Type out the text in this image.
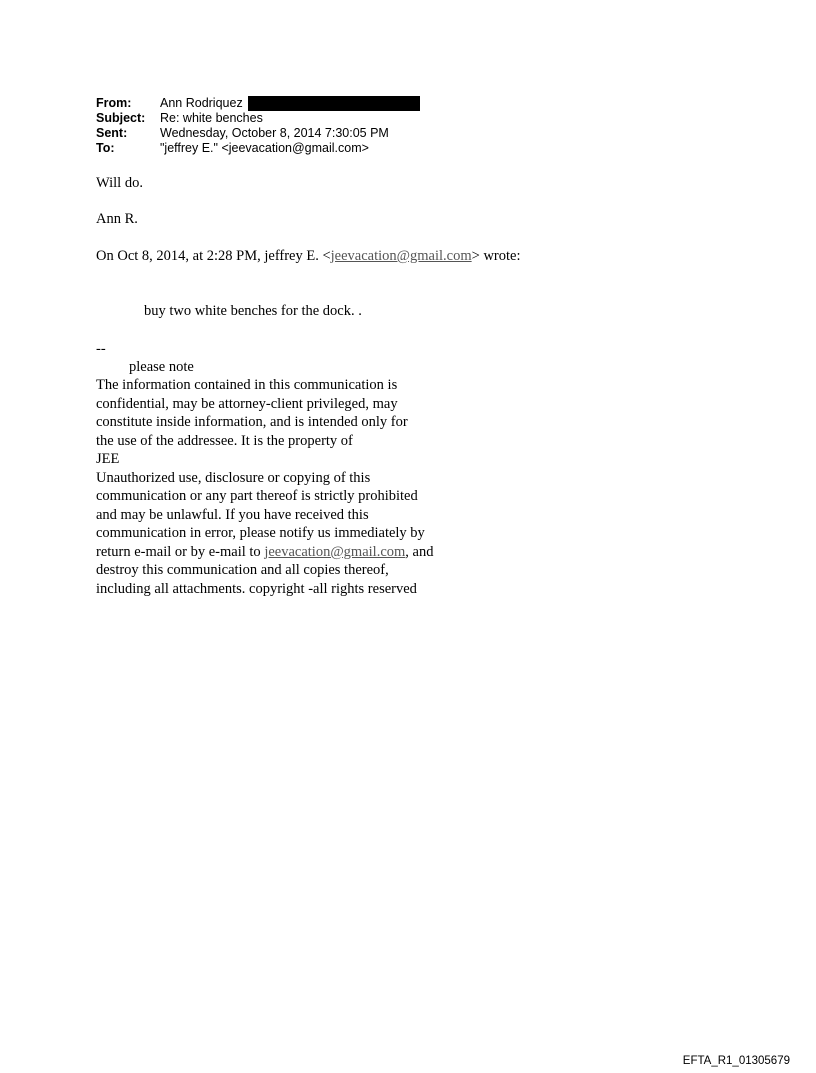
From:	Ann Rodriquez
Subject:	Re: white benches
Sent:	Wednesday, October 8, 2014 7:30:05 PM
To:	"jeffrey E." <jeevacation@gmail.com>
Will do.
Ann R.
On Oct 8, 2014, at 2:28 PM, jeffrey E. <jeevacation@gmail.com> wrote:
buy two white benches for the dock. .
--
please note
The information contained in this communication is
confidential, may be attorney-client privileged, may
constitute inside information, and is intended only for
the use of the addressee. It is the property of
JEE
Unauthorized use, disclosure or copying of this
communication or any part thereof is strictly prohibited
and may be unlawful. If you have received this
communication in error, please notify us immediately by
return e-mail or by e-mail to jeevacation@gmail.com, and
destroy this communication and all copies thereof,
including all attachments. copyright -all rights reserved
EFTA_R1_01305679
